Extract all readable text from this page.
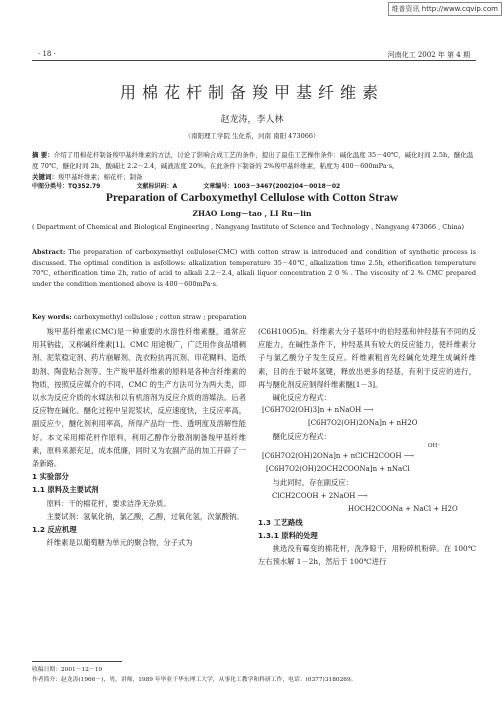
维普资讯 http://www.cqvip.com
· 18 ·	河南化工 2002 年 第 4 期
用棉花杆制备羧甲基纤维素
赵龙涛，李人林
（南阳理工学院 生化系，河南 南阳 473066）
摘 要：介绍了用棉花杆制备羧甲基纤维素的方法，讨论了影响合成工艺的条件，提出了最佳工艺操作条件：碱化温度 35－40℃，碱化时间 2.5h，醚化温度 70℃，醚化时间 2h，酸碱比 2.2－2.4，碱液浓度 20%。在此条件下制备的 2%羧甲基纤维素，粘度为 400－600mPa·s。
关键词：羧甲基纤维素；棉花杆；制备
中图分类号：TQ352.79	文献标识码：A	文章编号：1003－3467(2002)04－0018－02
Preparation of Carboxymethyl Cellulose with Cotton Straw
ZHAO Long－tao , LI Ru－lin
( Department of Chemical and Biological Engineering , Nangyang Institute of Science and Technology , Nangyang 473066 , China)
Abstract: The preparation of carboxymethyl cellulose(CMC) with cotton straw is introduced and condition of synthetic process is discussed. The optimal condition is asfollows: alkalization temperature 35－40℃, alkalization time 2.5h, etherification temperature 70℃, etherification time 2h, ratio of acid to alkali 2.2－2.4, alkali liquor concentration 2 0 % . The viscosity of 2 % CMC prepared under the condition mentioned above is 400－600mPa·s.
Key words: carboxymethyl cellulose ; cotton straw ; preparation
羧甲基纤维素(CMC)是一种重要的水溶性纤维素醚，通常应用其钠盐，又称碱纤维素[1]。CMC 用途极广，广泛用作食品增稠剂、泥浆稳定剂、药片崩解剂、洗衣粉抗再沉剂、印花糊料、造纸助剂、陶瓷粘合剂等。生产羧甲基纤维素的原料是各种含纤维素的物质，按照反应媒介的不同，CMC 的生产方法可分为两大类，即以水为反应介质的水媒法和以有机溶剂为反应介质的溶媒法。后者反应物在碱化、醚化过程中呈泥浆状，反应速度快，主反应率高，副反应少，醚化剂利用率高，所得产品均一性、透明度及溶解性能好。本文采用棉花杆作原料，利用乙醇作分散剂制备羧甲基纤维素，原料来源充足，成本低廉，同时又为农副产品的加工开辟了一条新路。
1 实验部分
1.1 原料及主要试剂
原料：干的棉花杆，要求洁净无杂质。
主要试剂：氢氧化钠，氯乙酸，乙醇，过氧化氢，次氯酸钠。
1.2 反应机理
纤维素是以葡萄糖为单元的聚合物，分子式为
(C6H10O5)n。纤维素大分子基环中的伯羟基和仲羟基有不同的反应能力，在碱性条件下，仲羟基具有较大的反应能力，使纤维素分子与氯乙酸分子发生反应。纤维素粗首先经碱化处理生成碱纤维素，目的在于破坏氢键，释放出更多的羟基，有利于反应的进行，再与醚化剂反应制得纤维素醚[1－3]。
碱化反应方程式：
[C6H7O2(OH)3]n + nNaOH ⟶
[C6H7O2(OH)2ONa]n + nH2O
醚化反应方程式：
OH⁻
[C6H7O2(OH)2ONa]n + nClCH2COOH ⟶
[C6H7O2(OH)2OCH2COONa]n + nNaCl
与此同时，存在副反应：
ClCH2COOH + 2NaOH ⟶
HOCH2COONa + NaCl + H2O
1.3 工艺路线
1.3.1 原料的处理
挑选没有霉变的棉花杆，洗净晾干，用粉碎机粉碎。在 100℃左右预水解 1－2h，然后于 100℃进行
收稿日期：2001－12－19
作者简介：赵龙涛(1966－)，男，讲师，1989 年毕业于华东理工大学，从事化工教学和科研工作，电话：(0377)3180269。
